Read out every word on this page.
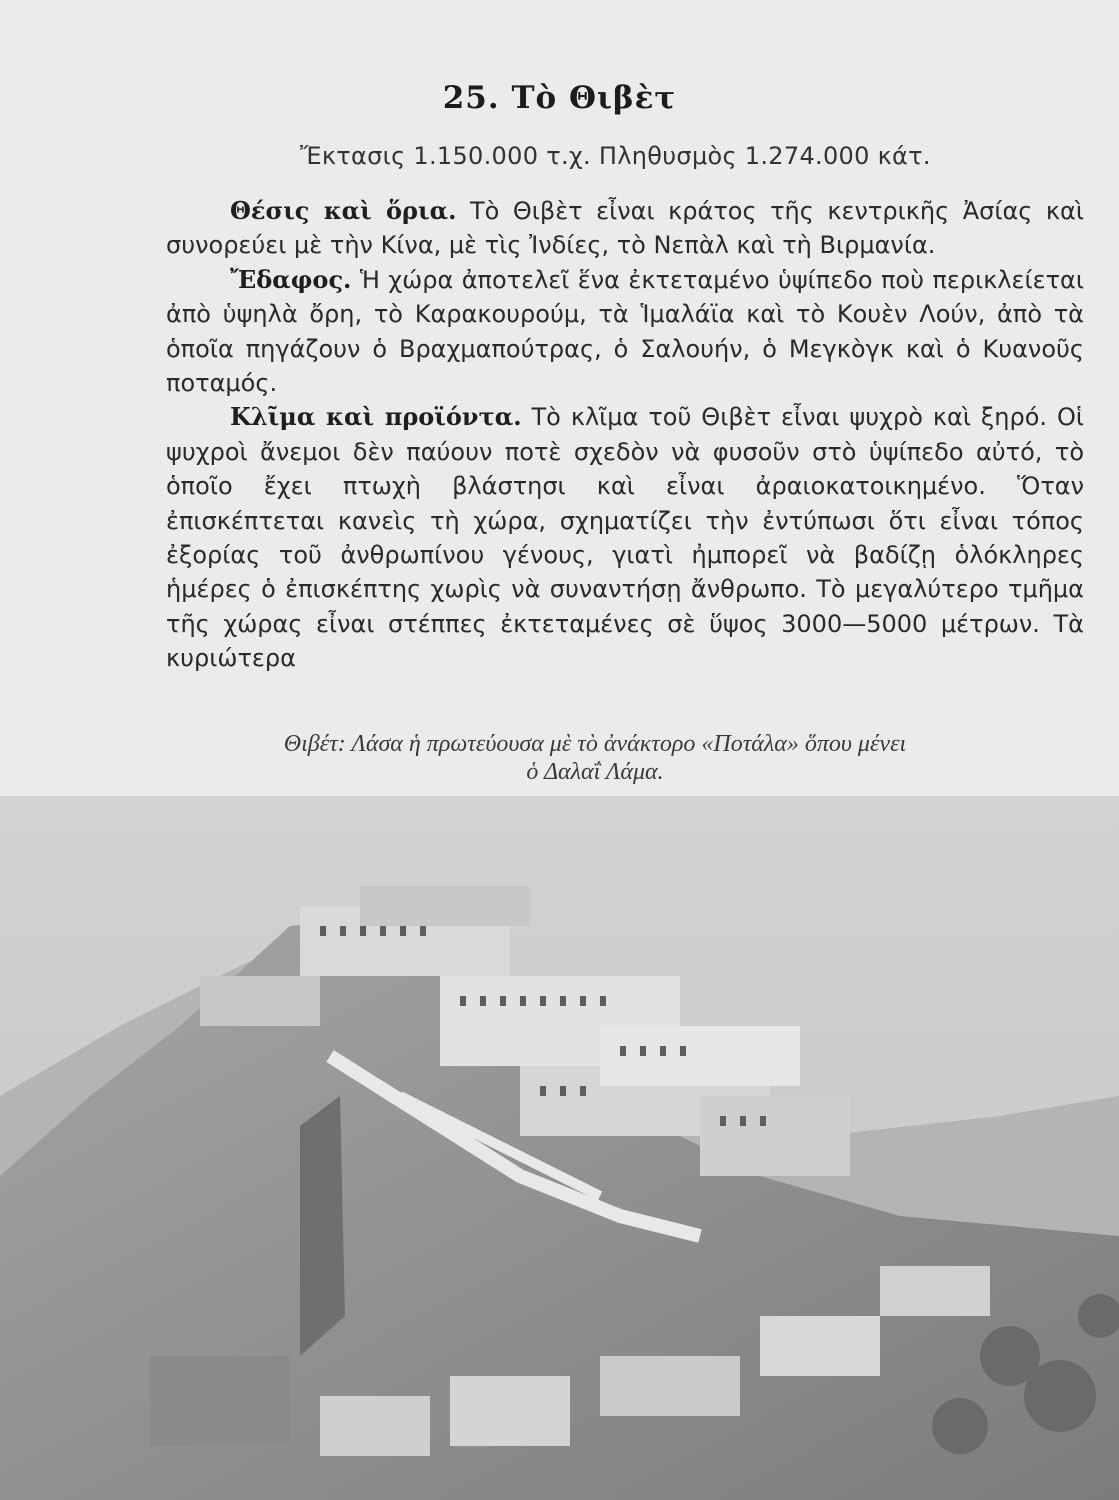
25. Τὸ Θιβὲτ
Ἔκτασις 1.150.000 τ.χ. Πληθυσμὸς 1.274.000 κάτ.

Θέσις καὶ ὅρια. Τὸ Θιβὲτ εἶναι κράτος τῆς κεντρικῆς Ἀσίας καὶ συνορεύει μὲ τὴν Κίνα, μὲ τὶς Ἰνδίες, τὸ Νεπὰλ καὶ τὴ Βιρμανία.

Ἔδαφος. Ἡ χώρα ἀποτελεῖ ἕνα ἐκτεταμένο ὑψίπεδο ποὺ περικλείεται ἀπὸ ὑψηλὰ ὄρη, τὸ Καρακουρούμ, τὰ Ἱμαλάϊα καὶ τὸ Κουὲν Λούν, ἀπὸ τὰ ὁποῖα πηγάζουν ὁ Βραχμαπούτρας, ὁ Σαλουήν, ὁ Μεγκὸγκ καὶ ὁ Κυανοῦς ποταμός.

Κλῖμα καὶ προϊόντα. Τὸ κλῖμα τοῦ Θιβὲτ εἶναι ψυχρὸ καὶ ξηρό. Οἱ ψυχροὶ ἄνεμοι δὲν παύουν ποτὲ σχεδὸν νὰ φυσοῦν στὸ ὑψίπεδο αὐτό, τὸ ὁποῖο ἔχει πτωχὴ βλάστησι καὶ εἶναι ἀραιοκατοικημένο. Ὅταν ἐπισκέπτεται κανεὶς τὴ χώρα, σχηματίζει τὴν ἐντύπωσι ὅτι εἶναι τόπος ἐξορίας τοῦ ἀνθρωπίνου γένους, γιατὶ ἠμπορεῖ νὰ βαδίζῃ ὁλόκληρες ἡμέρες ὁ ἐπισκέπτης χωρὶς νὰ συναντήσῃ ἄνθρωπο. Τὸ μεγαλύτερο τμῆμα τῆς χώρας εἶναι στέππες ἐκτεταμένες σὲ ὕψος 3000—5000 μέτρων. Τὰ κυριώτερα

Θιβέτ: Λάσα ἡ πρωτεύουσα μὲ τὸ ἀνάκτορο «Ποτάλα» ὅπου μένει
ὁ Δαλαΐ Λάμα.
